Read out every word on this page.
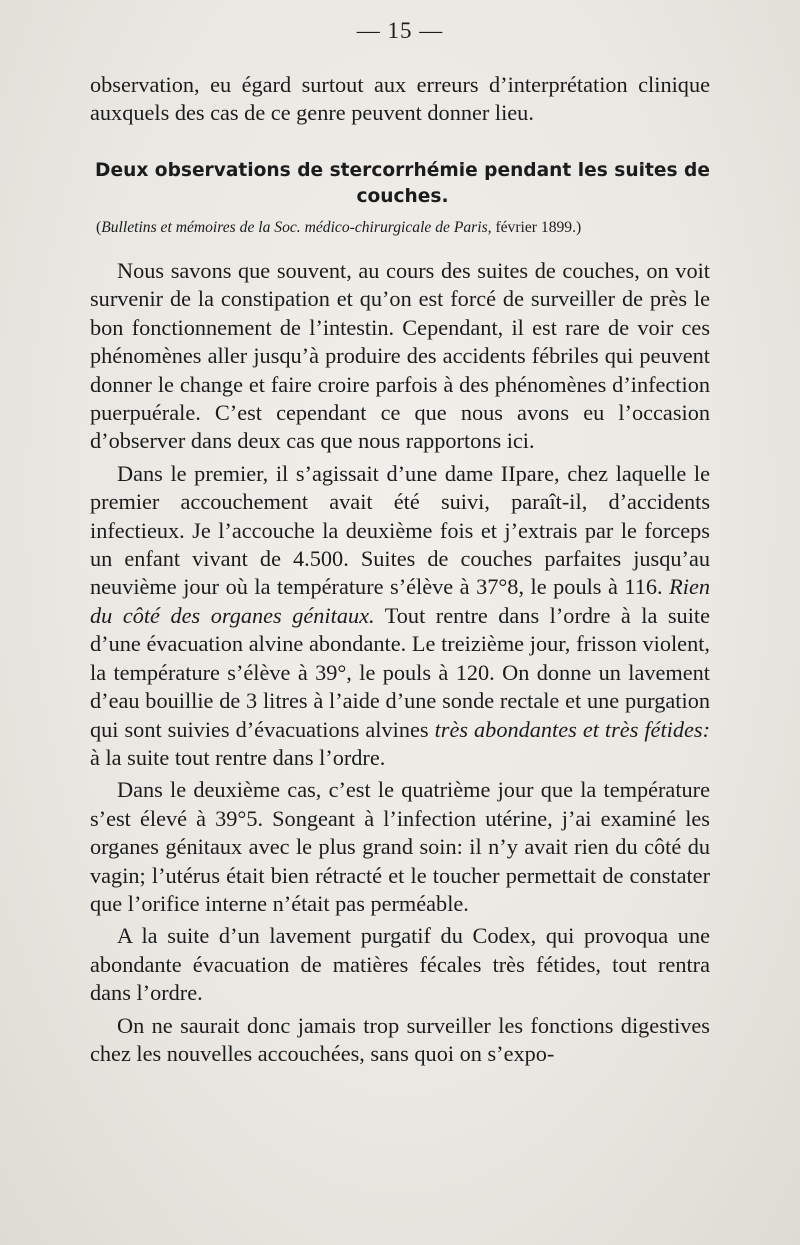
— 15 —
observation, eu égard surtout aux erreurs d’interprétation clinique auxquels des cas de ce genre peuvent donner lieu.
Deux observations de stercorrhémie pendant les suites de couches.
(Bulletins et mémoires de la Soc. médico-chirurgicale de Paris, février 1899.)

Nous savons que souvent, au cours des suites de couches, on voit survenir de la constipation et qu’on est forcé de surveiller de près le bon fonctionnement de l’intestin. Cependant, il est rare de voir ces phénomènes aller jusqu’à produire des accidents fébriles qui peuvent donner le change et faire croire parfois à des phénomènes d’infection puerpuérale. C’est cependant ce que nous avons eu l’occasion d’observer dans deux cas que nous rapportons ici.

Dans le premier, il s’agissait d’une dame IIpare, chez laquelle le premier accouchement avait été suivi, paraît-il, d’accidents infectieux. Je l’accouche la deuxième fois et j’extrais par le forceps un enfant vivant de 4.500. Suites de couches parfaites jusqu’au neuvième jour où la température s’élève à 37°8, le pouls à 116. Rien du côté des organes génitaux. Tout rentre dans l’ordre à la suite d’une évacuation alvine abondante. Le treizième jour, frisson violent, la température s’élève à 39°, le pouls à 120. On donne un lavement d’eau bouillie de 3 litres à l’aide d’une sonde rectale et une purgation qui sont suivies d’évacuations alvines très abondantes et très fétides: à la suite tout rentre dans l’ordre.

Dans le deuxième cas, c’est le quatrième jour que la température s’est élevé à 39°5. Songeant à l’infection utérine, j’ai examiné les organes génitaux avec le plus grand soin: il n’y avait rien du côté du vagin; l’utérus était bien rétracté et le toucher permettait de constater que l’orifice interne n’était pas perméable.

A la suite d’un lavement purgatif du Codex, qui provoqua une abondante évacuation de matières fécales très fétides, tout rentra dans l’ordre.

On ne saurait donc jamais trop surveiller les fonctions digestives chez les nouvelles accouchées, sans quoi on s’expo-
